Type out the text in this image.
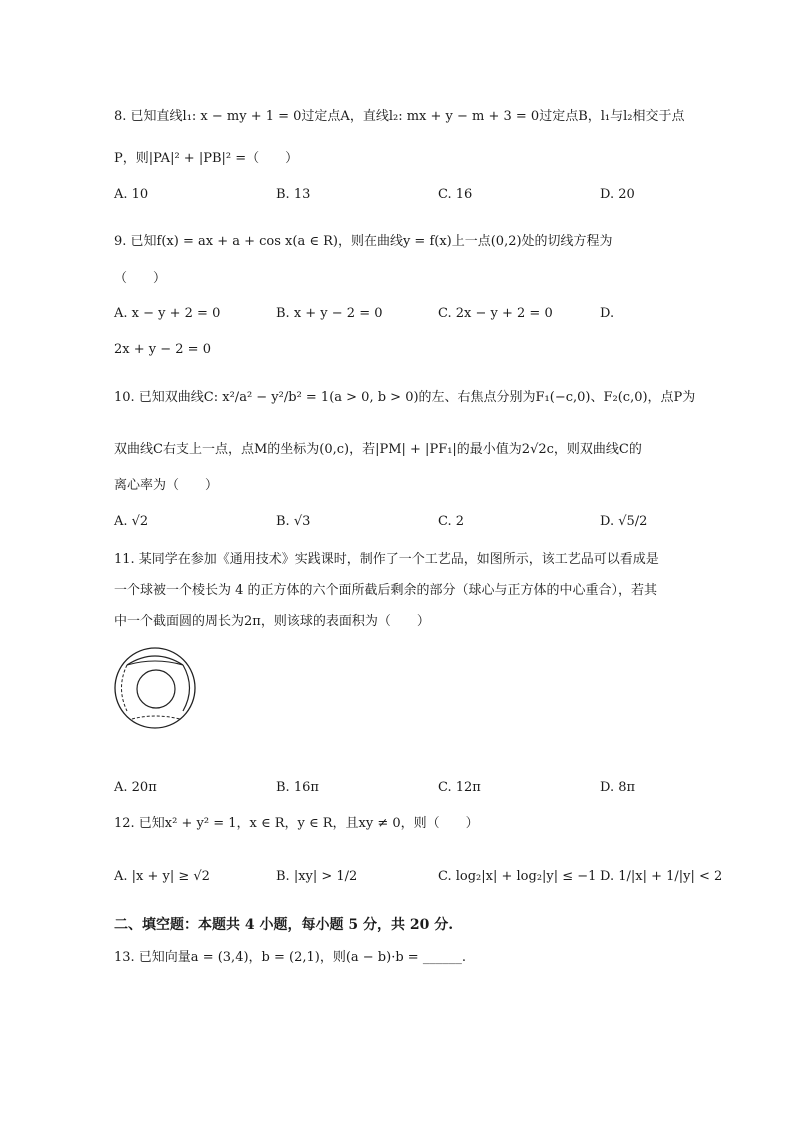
8. 已知直线l₁: x − my + 1 = 0过定点A，直线l₂: mx + y − m + 3 = 0过定点B，l₁与l₂相交于点
P，则|PA|² + |PB|² =（　　）
A. 10	B. 13	C. 16	D. 20
9. 已知f(x) = ax + a + cos x(a ∈ R)，则在曲线y = f(x)上一点(0,2)处的切线方程为
（　　）
A. x − y + 2 = 0	B. x + y − 2 = 0	C. 2x − y + 2 = 0	D.
2x + y − 2 = 0
10. 已知双曲线C: x²/a² − y²/b² = 1(a > 0, b > 0)的左、右焦点分别为F₁(−c,0)、F₂(c,0)，点P为
双曲线C右支上一点，点M的坐标为(0,c)，若|PM| + |PF₁|的最小值为2√2c，则双曲线C的
离心率为（　　）
A. √2	B. √3	C. 2	D. √5/2
11. 某同学在参加《通用技术》实践课时，制作了一个工艺品，如图所示，该工艺品可以看成是
一个球被一个棱长为 4 的正方体的六个面所截后剩余的部分（球心与正方体的中心重合），若其
中一个截面圆的周长为2π，则该球的表面积为（　　）
A. 20π	B. 16π	C. 12π	D. 8π
12. 已知x² + y² = 1，x ∈ R，y ∈ R，且xy ≠ 0，则（　　）
A. |x + y| ≥ √2	B. |xy| > 1/2	C. log₂|x| + log₂|y| ≤ −1 D. 1/|x| + 1/|y| < 2
二、填空题：本题共 4 小题，每小题 5 分，共 20 分.
13. 已知向量a = (3,4)，b = (2,1)，则(a − b)·b = ______.
